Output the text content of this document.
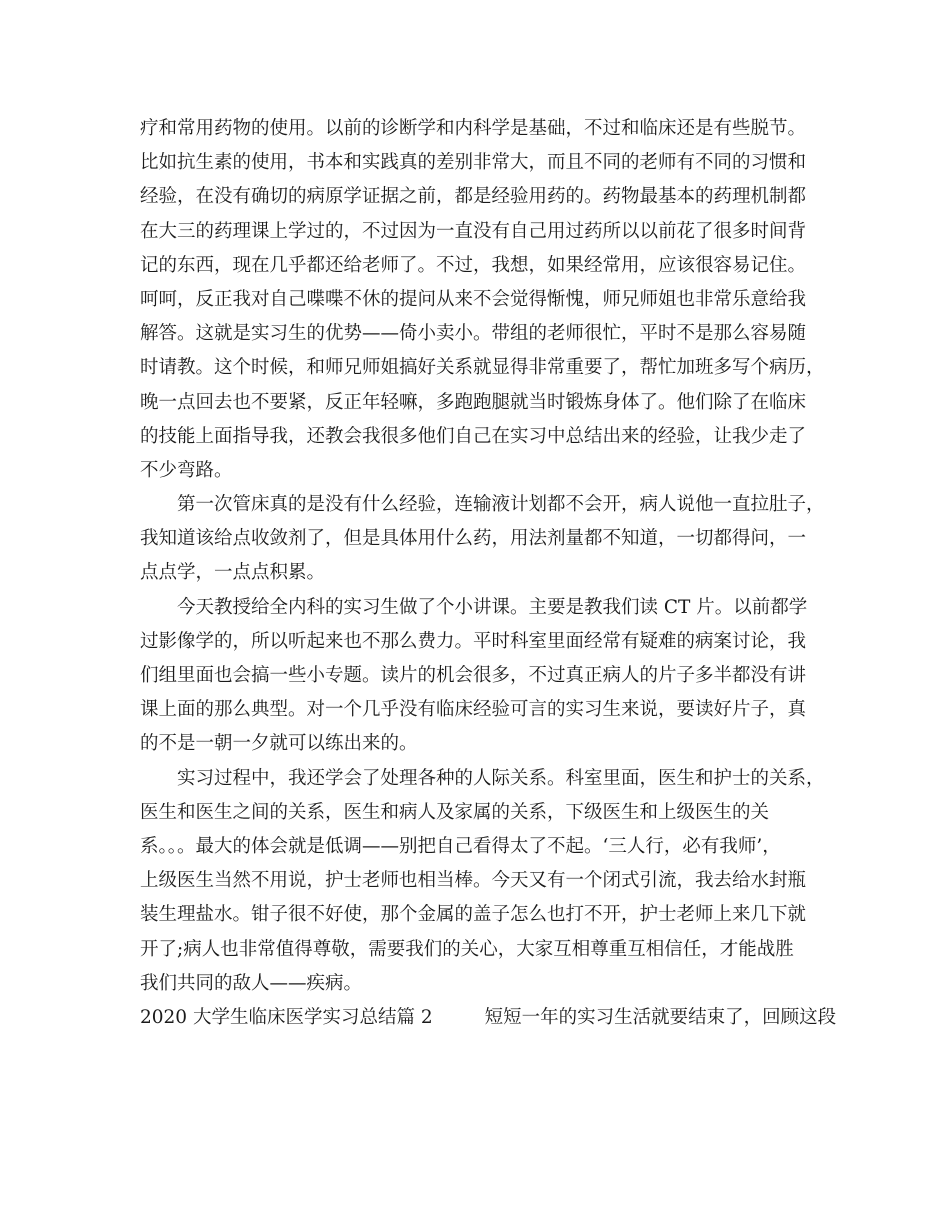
疗和常用药物的使用。以前的诊断学和内科学是基础，不过和临床还是有些脱节。
比如抗生素的使用，书本和实践真的差别非常大，而且不同的老师有不同的习惯和
经验，在没有确切的病原学证据之前，都是经验用药的。药物最基本的药理机制都
在大三的药理课上学过的，不过因为一直没有自己用过药所以以前花了很多时间背
记的东西，现在几乎都还给老师了。不过，我想，如果经常用，应该很容易记住。
呵呵，反正我对自己喋喋不休的提问从来不会觉得惭愧，师兄师姐也非常乐意给我
解答。这就是实习生的优势——倚小卖小。带组的老师很忙，平时不是那么容易随
时请教。这个时候，和师兄师姐搞好关系就显得非常重要了，帮忙加班多写个病历，
晚一点回去也不要紧，反正年轻嘛，多跑跑腿就当时锻炼身体了。他们除了在临床
的技能上面指导我，还教会我很多他们自己在实习中总结出来的经验，让我少走了
不少弯路。
第一次管床真的是没有什么经验，连输液计划都不会开，病人说他一直拉肚子，
我知道该给点收敛剂了，但是具体用什么药，用法剂量都不知道，一切都得问，一
点点学，一点点积累。
今天教授给全内科的实习生做了个小讲课。主要是教我们读 CT 片。以前都学
过影像学的，所以听起来也不那么费力。平时科室里面经常有疑难的病案讨论，我
们组里面也会搞一些小专题。读片的机会很多，不过真正病人的片子多半都没有讲
课上面的那么典型。对一个几乎没有临床经验可言的实习生来说，要读好片子，真
的不是一朝一夕就可以练出来的。
实习过程中，我还学会了处理各种的人际关系。科室里面，医生和护士的关系，
医生和医生之间的关系，医生和病人及家属的关系，下级医生和上级医生的关
系。。。最大的体会就是低调——别把自己看得太了不起。‘三人行，必有我师’，
上级医生当然不用说，护士老师也相当棒。今天又有一个闭式引流，我去给水封瓶
装生理盐水。钳子很不好使，那个金属的盖子怎么也打不开，护士老师上来几下就
开了;病人也非常值得尊敬，需要我们的关心，大家互相尊重互相信任，才能战胜
我们共同的敌人——疾病。
2020 大学生临床医学实习总结篇 2	短短一年的实习生活就要结束了，回顾这段
